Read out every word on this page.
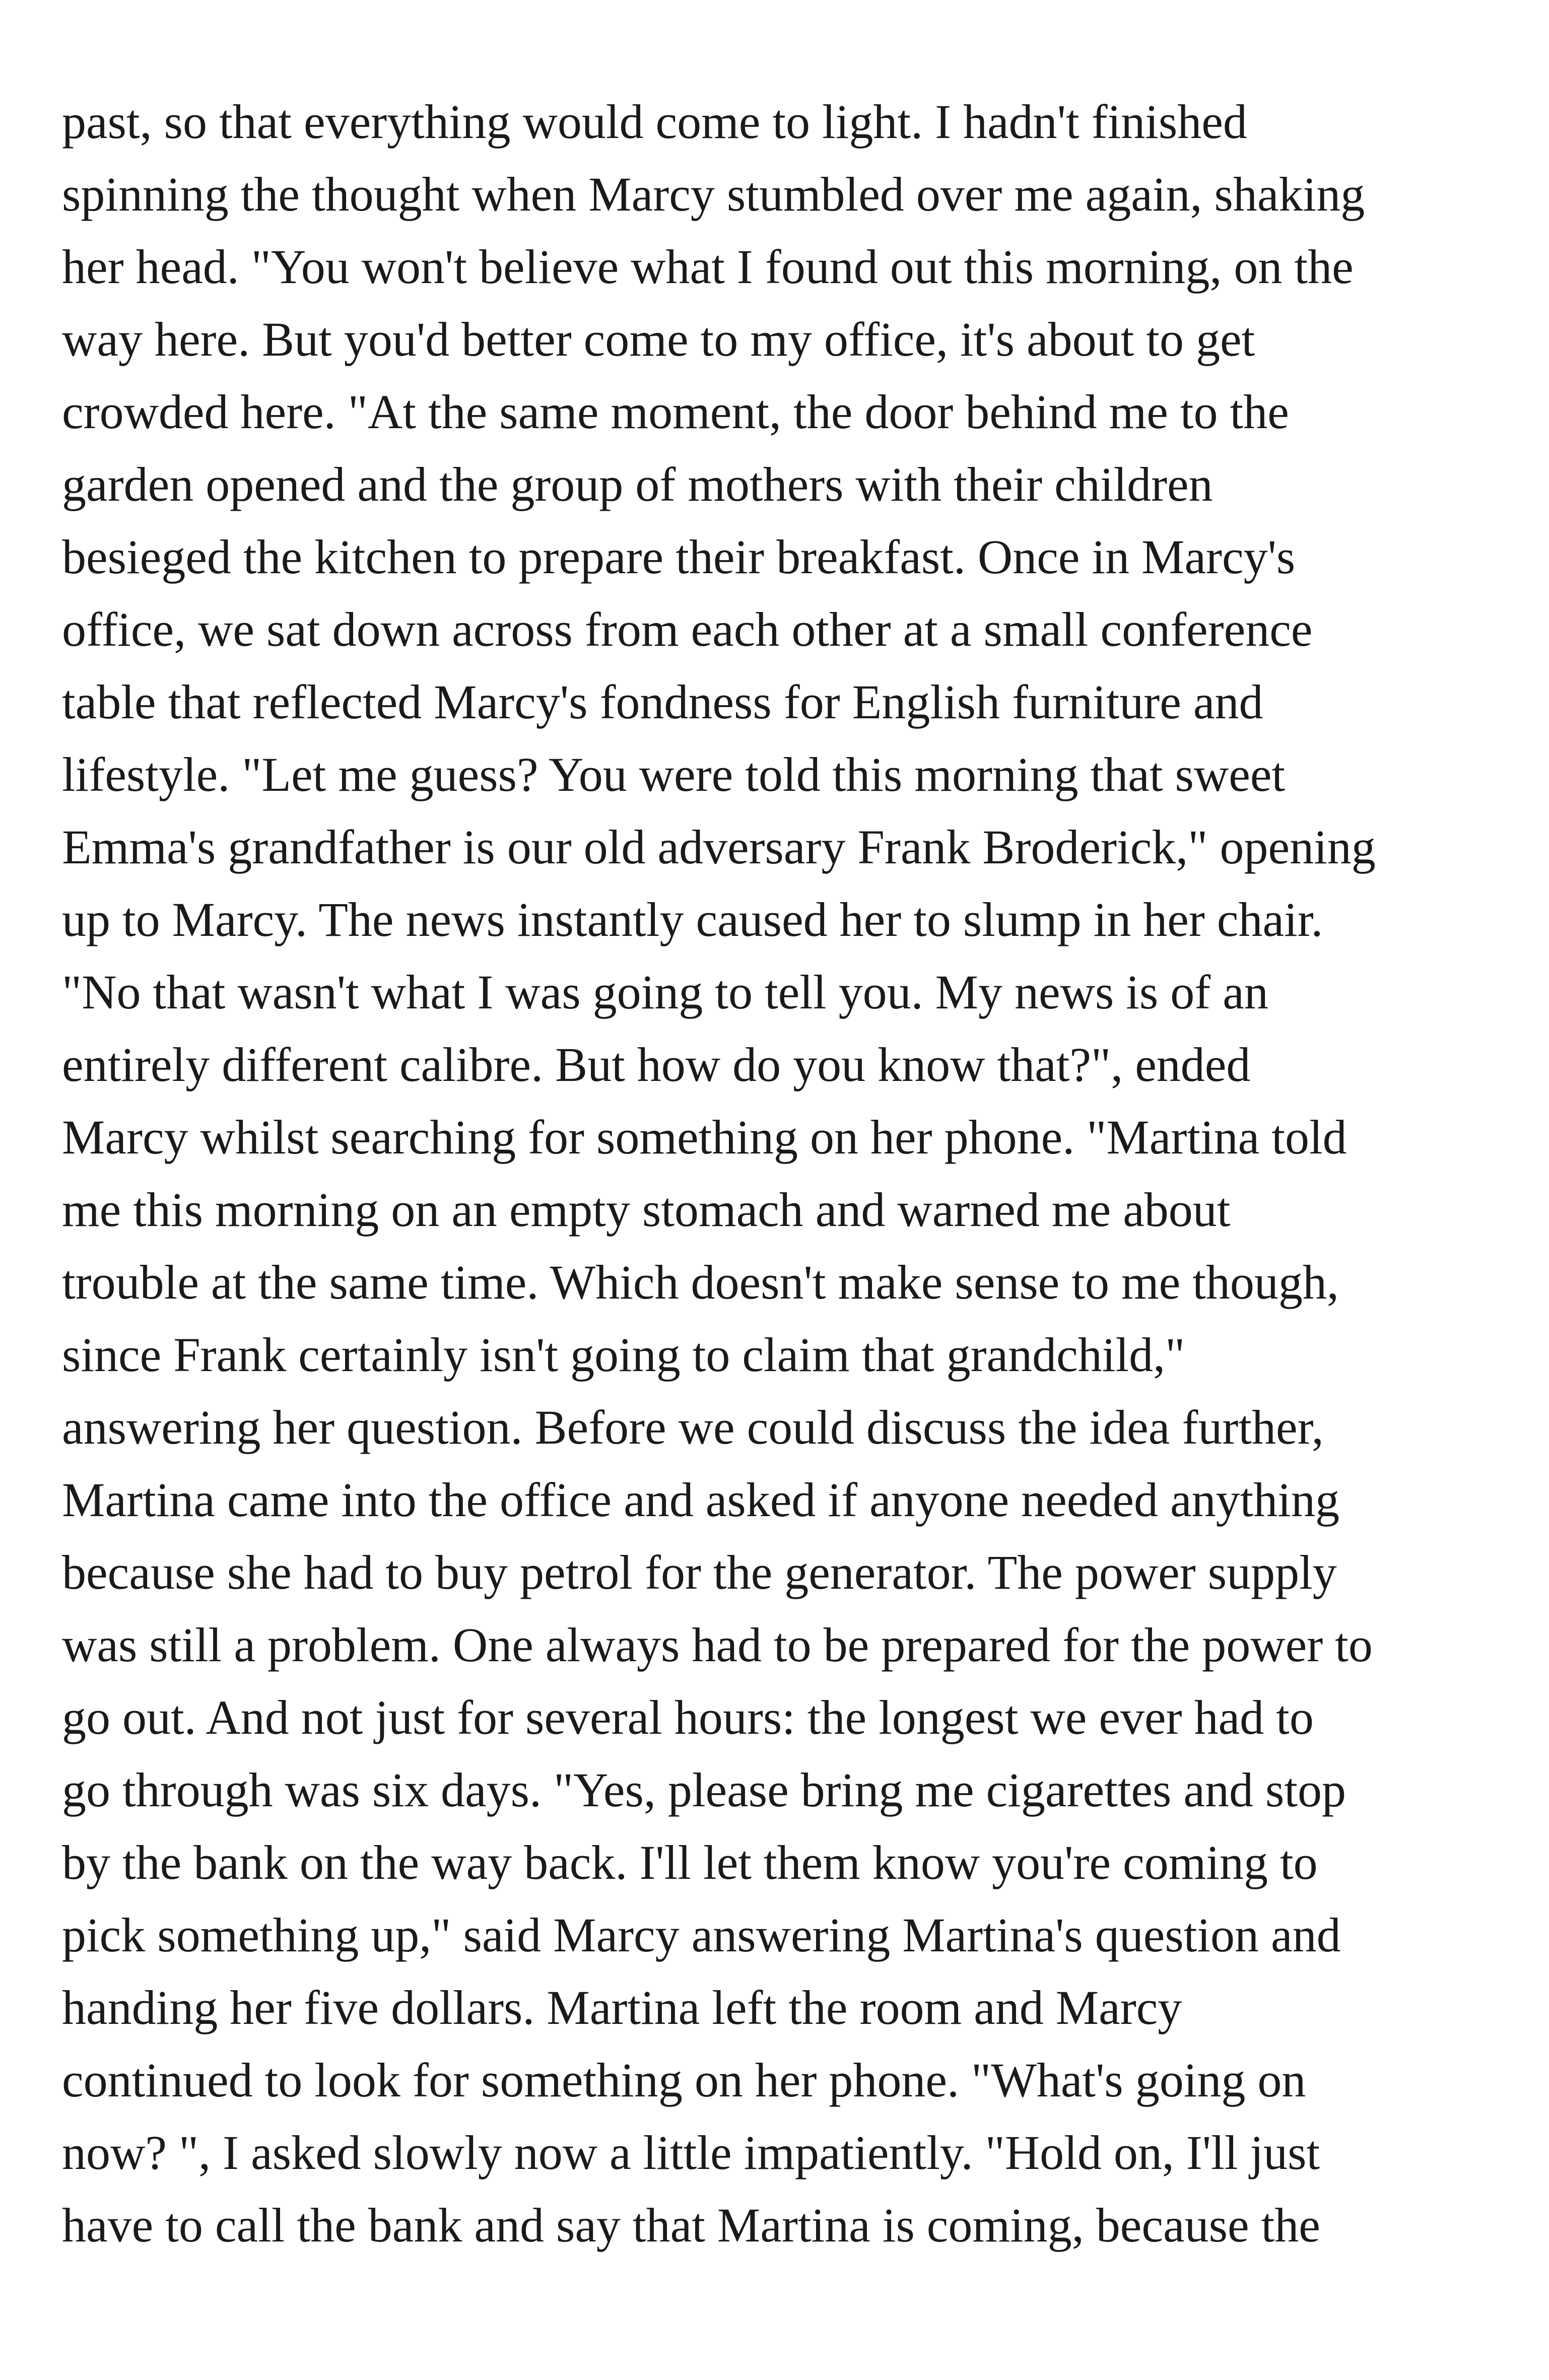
past, so that everything would come to light. I hadn't finished
spinning the thought when Marcy stumbled over me again, shaking
her head. "You won't believe what I found out this morning, on the
way here. But you'd better come to my office, it's about to get
crowded here. "At the same moment, the door behind me to the
garden opened and the group of mothers with their children
besieged the kitchen to prepare their breakfast. Once in Marcy's
office, we sat down across from each other at a small conference
table that reflected Marcy's fondness for English furniture and
lifestyle. "Let me guess? You were told this morning that sweet
Emma's grandfather is our old adversary Frank Broderick," opening
up to Marcy. The news instantly caused her to slump in her chair.
"No that wasn't what I was going to tell you. My news is of an
entirely different calibre. But how do you know that?", ended
Marcy whilst searching for something on her phone. "Martina told
me this morning on an empty stomach and warned me about
trouble at the same time. Which doesn't make sense to me though,
since Frank certainly isn't going to claim that grandchild,"
answering her question. Before we could discuss the idea further,
Martina came into the office and asked if anyone needed anything
because she had to buy petrol for the generator. The power supply
was still a problem. One always had to be prepared for the power to
go out. And not just for several hours: the longest we ever had to
go through was six days. "Yes, please bring me cigarettes and stop
by the bank on the way back. I'll let them know you're coming to
pick something up," said Marcy answering Martina's question and
handing her five dollars. Martina left the room and Marcy
continued to look for something on her phone. "What's going on
now? ", I asked slowly now a little impatiently. "Hold on, I'll just
have to call the bank and say that Martina is coming, because the
